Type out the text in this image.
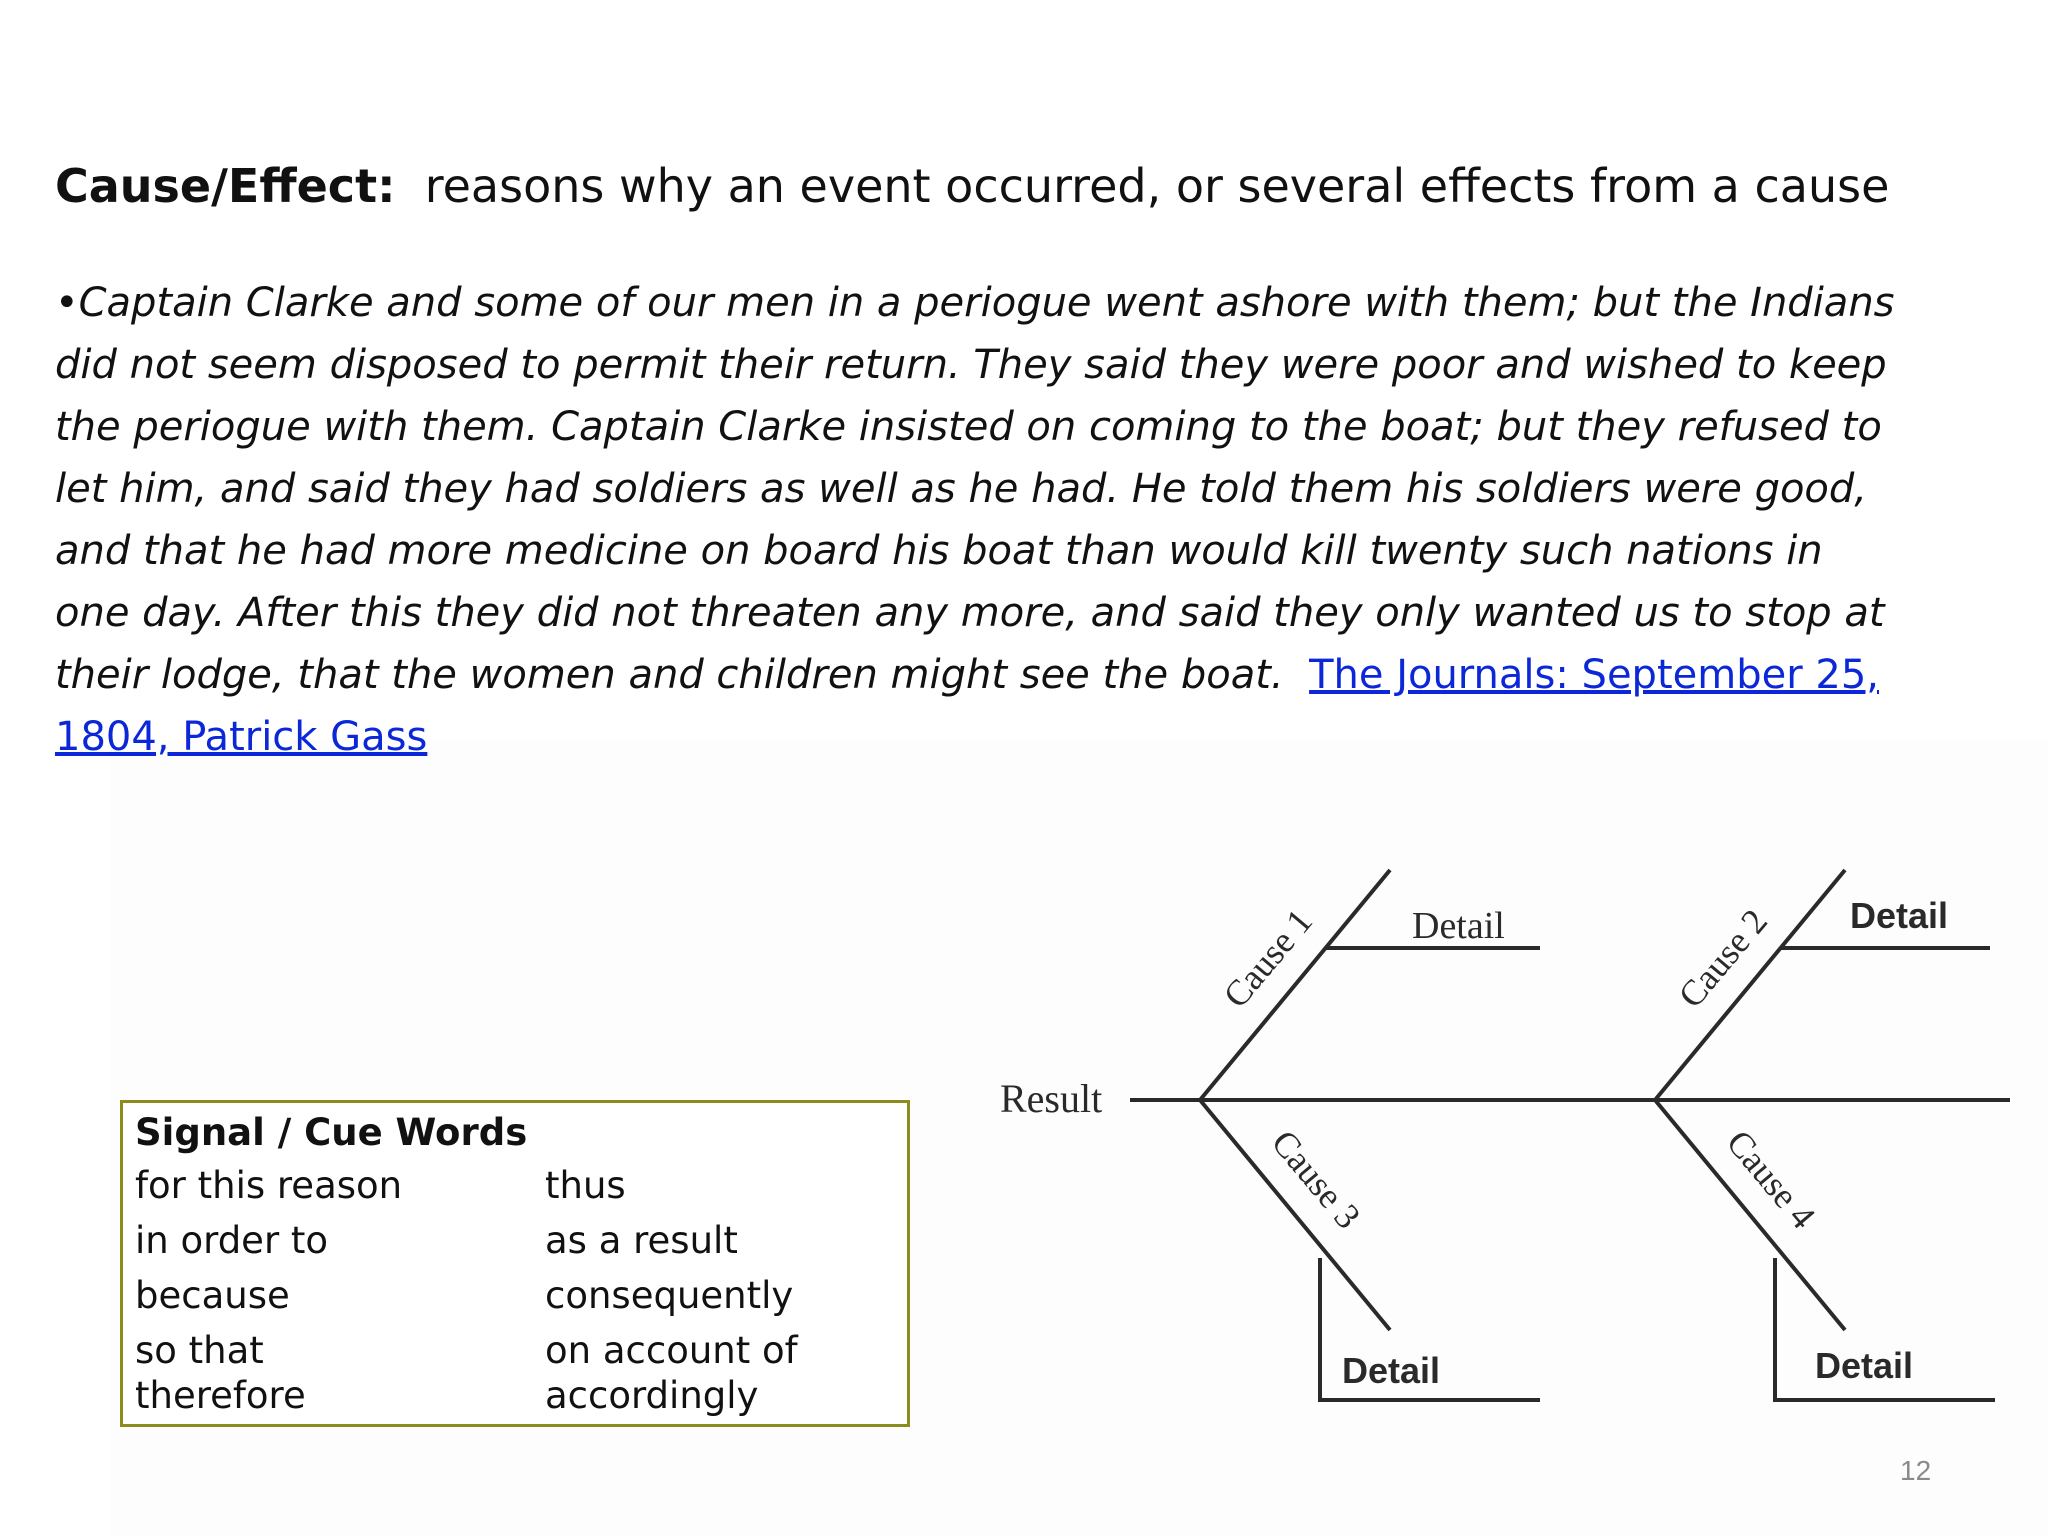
Cause/Effect: reasons why an event occurred, or several effects from a cause
•Captain Clarke and some of our men in a periogue went ashore with them; but the Indians
did not seem disposed to permit their return. They said they were poor and wished to keep
the periogue with them. Captain Clarke insisted on coming to the boat; but they refused to
let him, and said they had soldiers as well as he had. He told them his soldiers were good,
and that he had more medicine on board his boat than would kill twenty such nations in
one day. After this they did not threaten any more, and said they only wanted us to stop at
their lodge, that the women and children might see the boat. The Journals: September 25,
1804, Patrick Gass
Signal / Cue Words
for this reason	thus
in order to	as a result
because	consequently
so that	on account of
therefore	accordingly
Result
Cause 1	Cause 2
Cause 3	Cause 4
Detail	Detail
Detail	Detail
12
